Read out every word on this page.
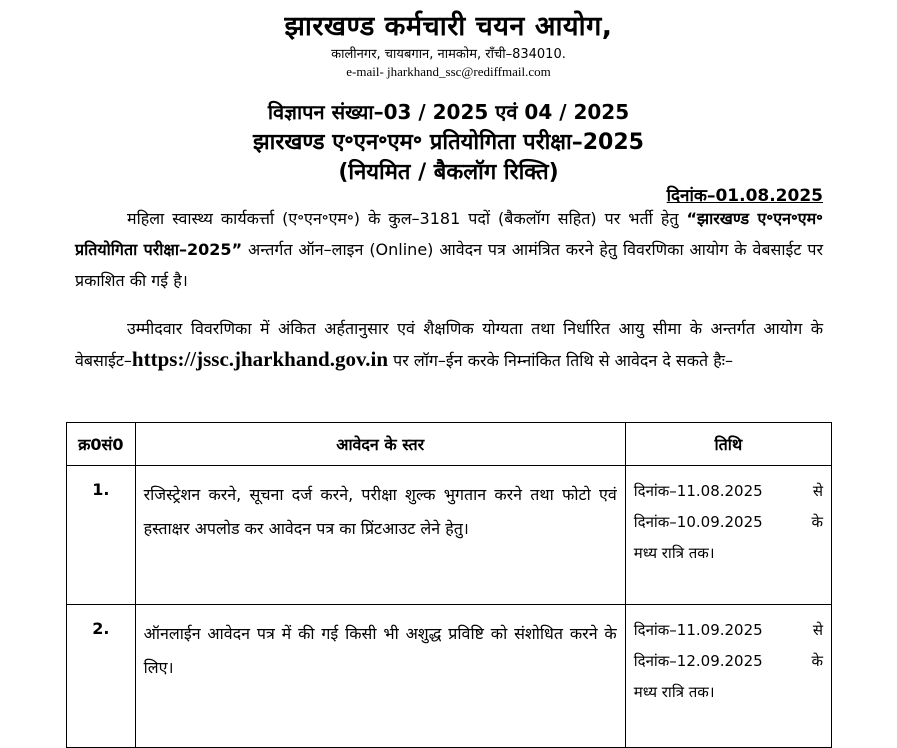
झारखण्ड कर्मचारी चयन आयोग,
कालीनगर, चायबगान, नामकोम, राँची–834010.
e-mail- jharkhand_ssc@rediffmail.com
विज्ञापन संख्या–03 / 2025 एवं 04 / 2025
झारखण्ड ए॰एन॰एम॰ प्रतियोगिता परीक्षा–2025
(नियमित / बैकलॉग रिक्ति)
दिनांक–01.08.2025
महिला स्वास्थ्य कार्यकर्त्ता (ए॰एन॰एम॰) के कुल–3181 पदों (बैकलॉग सहित) पर भर्ती हेतु “झारखण्ड ए॰एन॰एम॰ प्रतियोगिता परीक्षा–2025” अन्तर्गत ऑन–लाइन (Online) आवेदन पत्र आमंत्रित करने हेतु विवरणिका आयोग के वेबसाईट पर प्रकाशित की गई है।
उम्मीदवार विवरणिका में अंकित अर्हतानुसार एवं शैक्षणिक योग्यता तथा निर्धारित आयु सीमा के अन्तर्गत आयोग के वेबसाईट–https://jssc.jharkhand.gov.in पर लॉग–ईन करके निम्नांकित तिथि से आवेदन दे सकते हैः–
क्र0सं0	आवेदन के स्तर	तिथि
1.	रजिस्ट्रेशन करने, सूचना दर्ज करने, परीक्षा शुल्क भुगतान करने तथा फोटो एवं हस्ताक्षर अपलोड कर आवेदन पत्र का प्रिंटआउट लेने हेतु।	दिनांक–11.08.2025 से
दिनांक–10.09.2025 के
मध्य रात्रि तक।

2.	ऑनलाईन आवेदन पत्र में की गई किसी भी अशुद्ध प्रविष्टि को संशोधित करने के लिए।	दिनांक–11.09.2025 से
दिनांक–12.09.2025 के
मध्य रात्रि तक।
